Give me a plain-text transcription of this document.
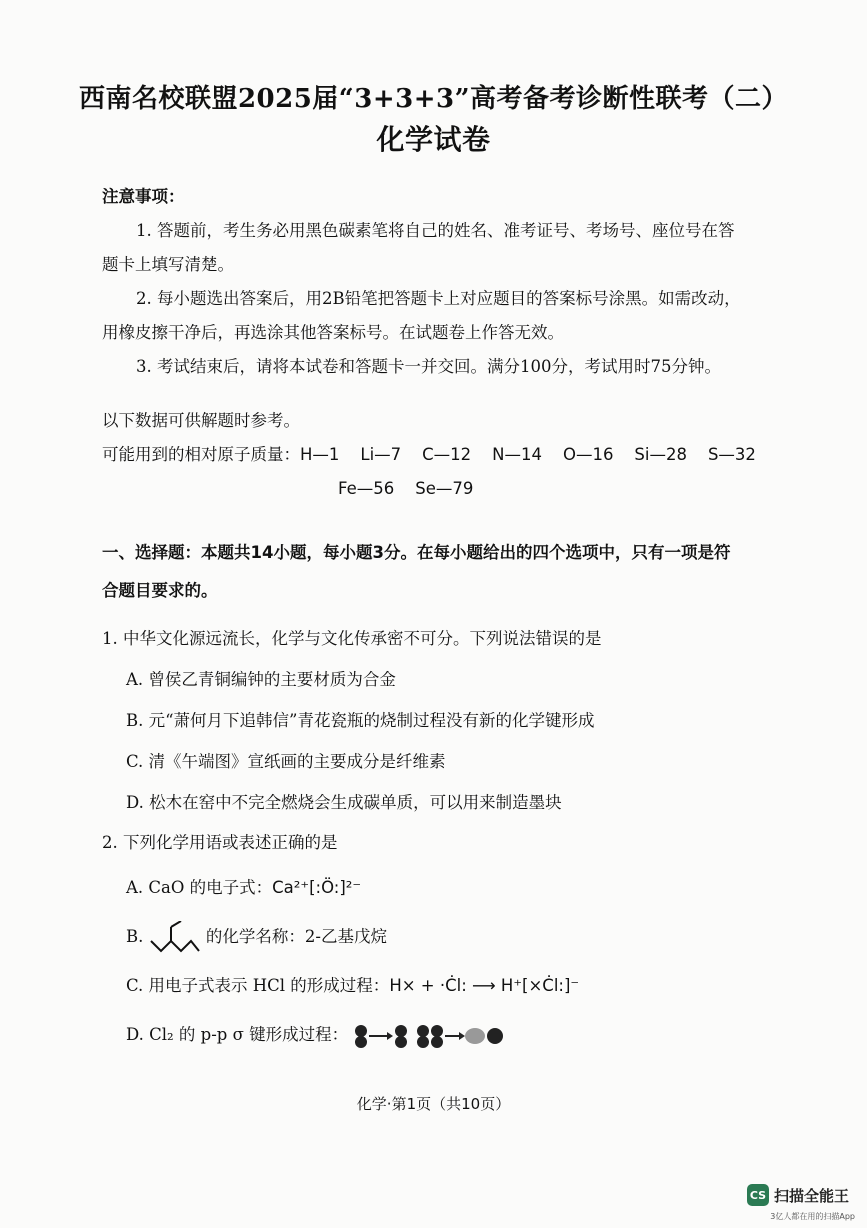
西南名校联盟2025届“3+3+3”高考备考诊断性联考（二）
化学试卷

注意事项：

1. 答题前，考生务必用黑色碳素笔将自己的姓名、准考证号、考场号、座位号在答

题卡上填写清楚。

2. 每小题选出答案后，用2B铅笔把答题卡上对应题目的答案标号涂黑。如需改动，

用橡皮擦干净后，再选涂其他答案标号。在试题卷上作答无效。

3. 考试结束后，请将本试卷和答题卡一并交回。满分100分，考试用时75分钟。

以下数据可供解题时参考。
可能用到的相对原子质量：H—1    Li—7    C—12    N—14    O—16    Si—28    S—32
Fe—56    Se—79
一、选择题：本题共14小题，每小题3分。在每小题给出的四个选项中，只有一项是符
合题目要求的。
1. 中华文化源远流长，化学与文化传承密不可分。下列说法错误的是
A. 曾侯乙青铜编钟的主要材质为合金
B. 元“萧何月下追韩信”青花瓷瓶的烧制过程没有新的化学键形成
C. 清《午端图》宣纸画的主要成分是纤维素
D. 松木在窑中不完全燃烧会生成碳单质，可以用来制造墨块
2. 下列化学用语或表述正确的是
A. CaO 的电子式：Ca²⁺[:Ö:]²⁻
B.	的化学名称：2-乙基戊烷
C. 用电子式表示 HCl 的形成过程：H× + ·Ċl: ⟶ H⁺[×Ċl:]⁻
D. Cl₂ 的 p-p σ 键形成过程：
化学·第1页（共10页）
CS 扫描全能王
3亿人都在用的扫描App
